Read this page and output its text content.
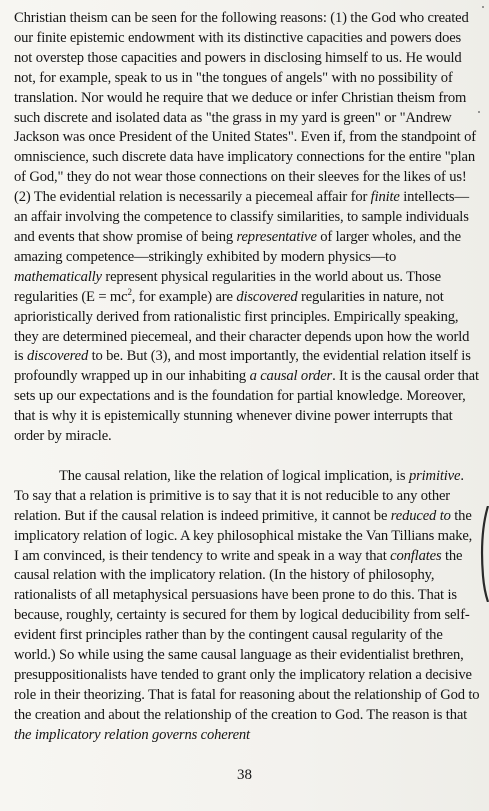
Christian theism can be seen for the following reasons: (1) the God who created our finite epistemic endowment with its distinctive capacities and powers does not overstep those capacities and powers in disclosing himself to us. He would not, for example, speak to us in "the tongues of angels" with no possibility of translation. Nor would he require that we deduce or infer Christian theism from such discrete and isolated data as "the grass in my yard is green" or "Andrew Jackson was once President of the United States". Even if, from the standpoint of omniscience, such discrete data have implicatory connections for the entire "plan of God," they do not wear those connections on their sleeves for the likes of us! (2) The evidential relation is necessarily a piecemeal affair for finite intellects—an affair involving the competence to classify similarities, to sample individuals and events that show promise of being representative of larger wholes, and the amazing competence—strikingly exhibited by modern physics—to mathematically represent physical regularities in the world about us. Those regularities ($E = mc^2$, for example) are discovered regularities in nature, not aprioristically derived from rationalistic first principles. Empirically speaking, they are determined piecemeal, and their character depends upon how the world is discovered to be. But (3), and most importantly, the evidential relation itself is profoundly wrapped up in our inhabiting a causal order. It is the causal order that sets up our expectations and is the foundation for partial knowledge. Moreover, that is why it is epistemically stunning whenever divine power interrupts that order by miracle.

The causal relation, like the relation of logical implication, is primitive. To say that a relation is primitive is to say that it is not reducible to any other relation. But if the causal relation is indeed primitive, it cannot be reduced to the implicatory relation of logic. A key philosophical mistake the Van Tillians make, I am convinced, is their tendency to write and speak in a way that conflates the causal relation with the implicatory relation. (In the history of philosophy, rationalists of all metaphysical persuasions have been prone to do this. That is because, roughly, certainty is secured for them by logical deducibility from self-evident first principles rather than by the contingent causal regularity of the world.) So while using the same causal language as their evidentialist brethren, presuppositionalists have tended to grant only the implicatory relation a decisive role in their theorizing. That is fatal for reasoning about the relationship of God to the creation and about the relationship of the creation to God. The reason is that the implicatory relation governs coherent

38
